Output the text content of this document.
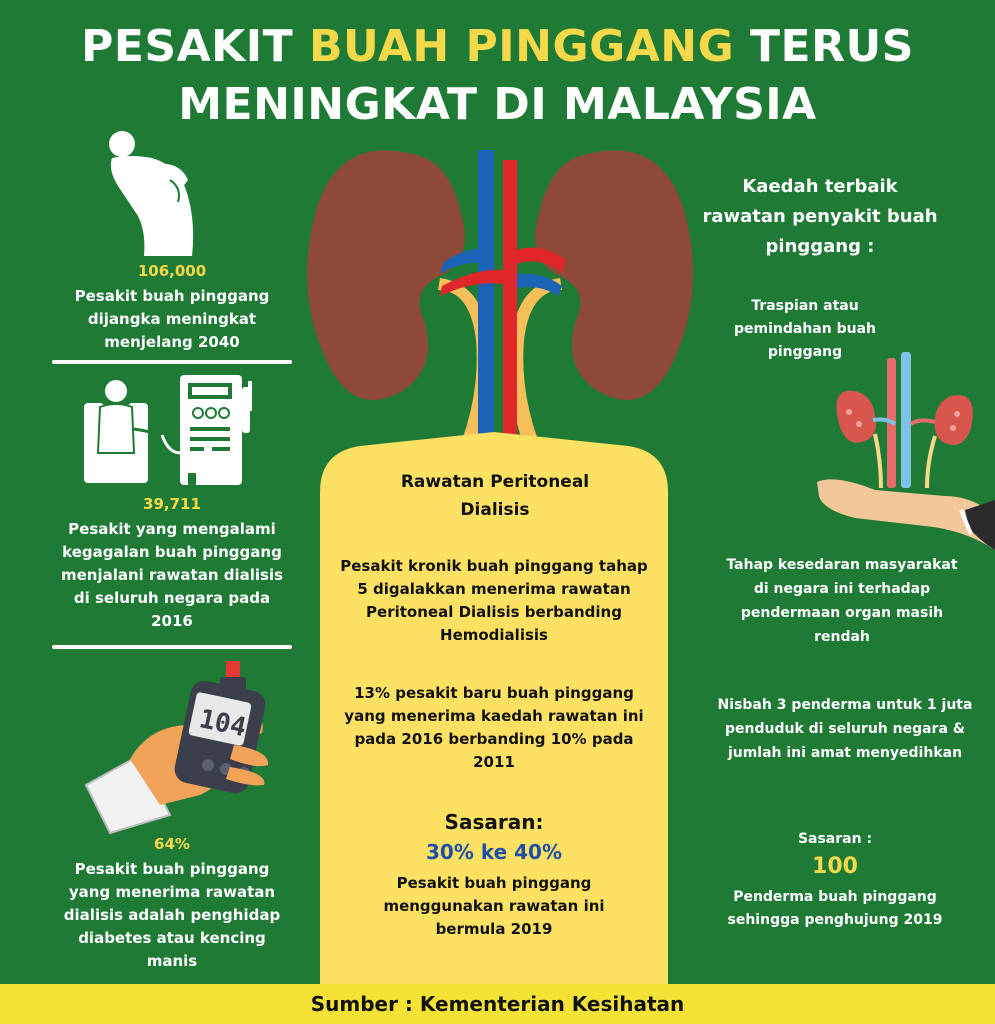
PESAKIT BUAH PINGGANG TERUS
MENINGKAT DI MALAYSIA
106,000
Pesakit buah pinggang dijangka meningkat menjelang 2040
39,711
Pesakit yang mengalami kegagalan buah pinggang menjalani rawatan dialisis di seluruh negara pada 2016
104
64%
Pesakit buah pinggang yang menerima rawatan dialisis adalah penghidap diabetes atau kencing manis
Rawatan Peritoneal Dialisis
Pesakit kronik buah pinggang tahap 5 digalakkan menerima rawatan Peritoneal Dialisis berbanding Hemodialisis
13% pesakit baru buah pinggang yang menerima kaedah rawatan ini pada 2016 berbanding 10% pada 2011
Sasaran:
30% ke 40%
Pesakit buah pinggang menggunakan rawatan ini bermula 2019
Kaedah terbaik rawatan penyakit buah pinggang :
Traspian atau pemindahan buah pinggang
Tahap kesedaran masyarakat di negara ini terhadap pendermaan organ masih rendah
Nisbah 3 penderma untuk 1 juta penduduk di seluruh negara & jumlah ini amat menyedihkan
Sasaran :
100
Penderma buah pinggang sehingga penghujung 2019
Sumber : Kementerian Kesihatan
